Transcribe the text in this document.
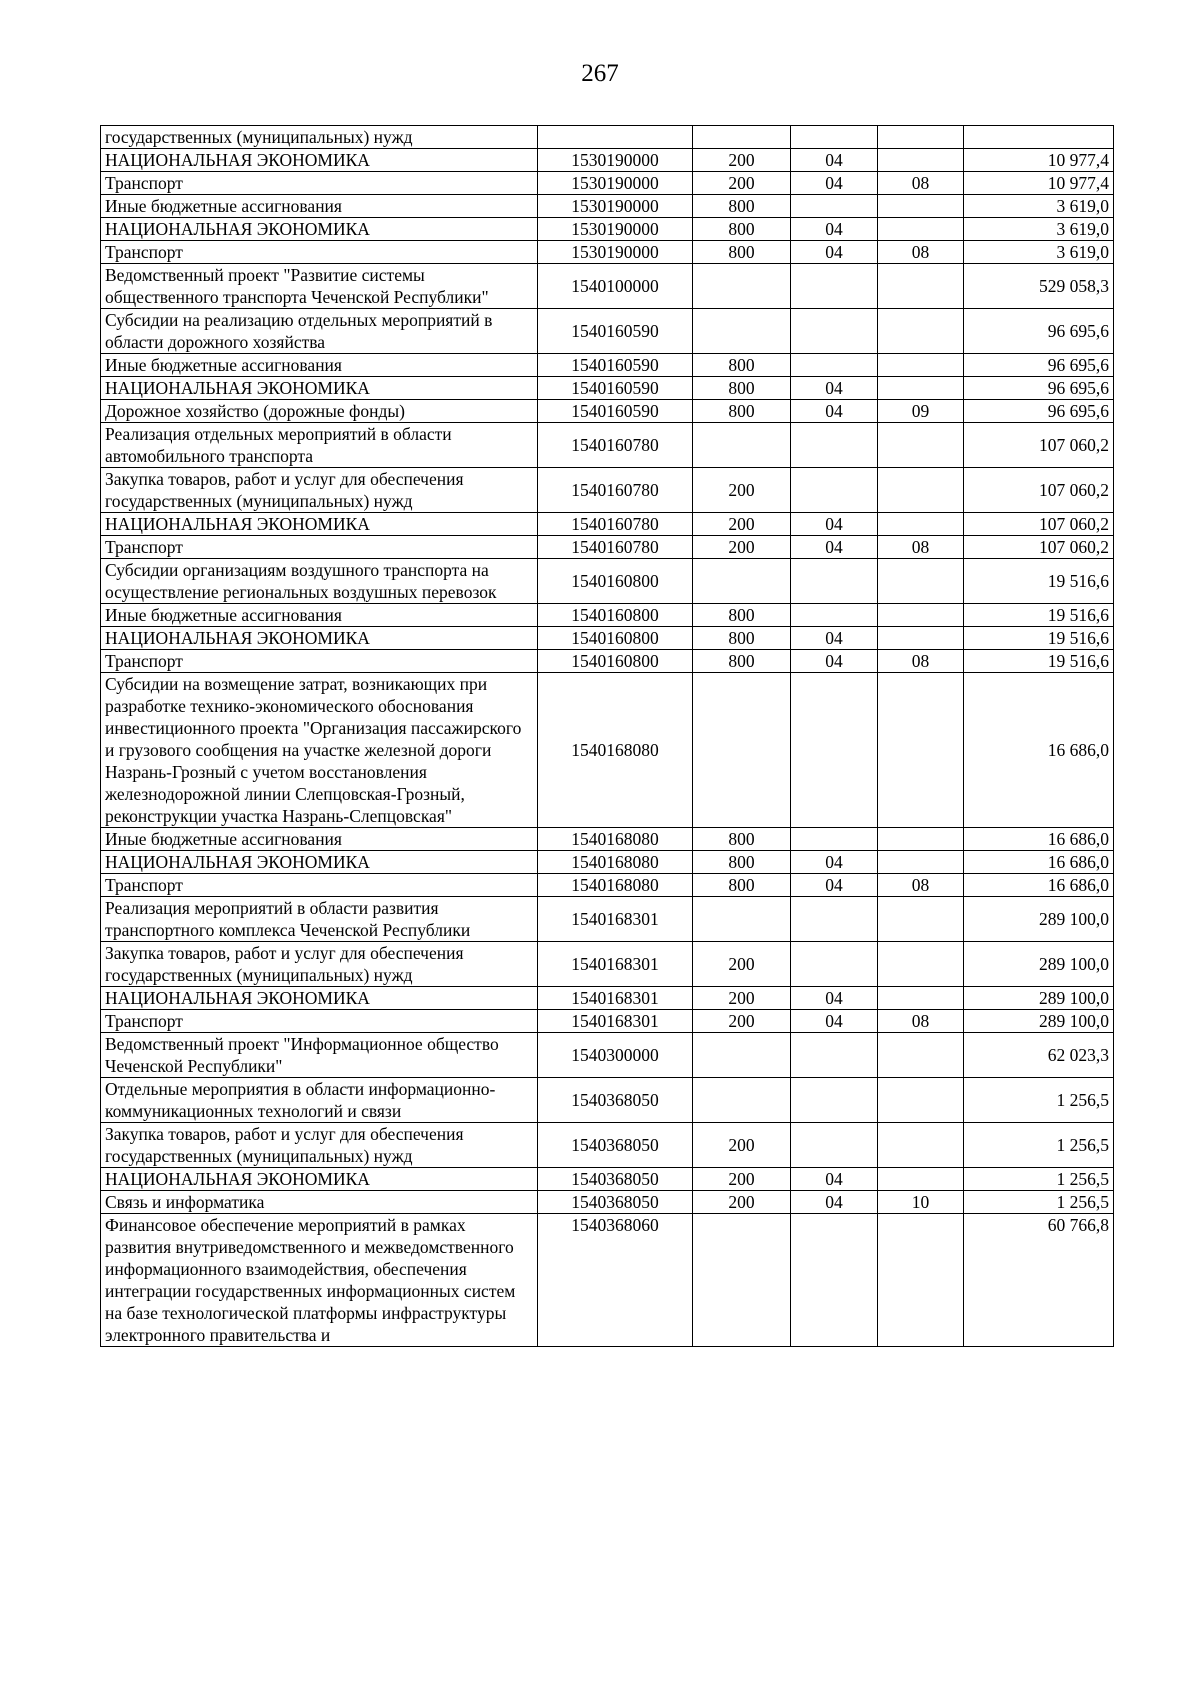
267
государственных (муниципальных) нужд					
НАЦИОНАЛЬНАЯ ЭКОНОМИКА	1530190000	200	04		10 977,4
Транспорт	1530190000	200	04	08	10 977,4
Иные бюджетные ассигнования	1530190000	800			3 619,0
НАЦИОНАЛЬНАЯ ЭКОНОМИКА	1530190000	800	04		3 619,0
Транспорт	1530190000	800	04	08	3 619,0
Ведомственный проект "Развитие системы общественного транспорта Чеченской Республики"	1540100000				529 058,3
Субсидии на реализацию отдельных мероприятий в области дорожного хозяйства	1540160590				96 695,6
Иные бюджетные ассигнования	1540160590	800			96 695,6
НАЦИОНАЛЬНАЯ ЭКОНОМИКА	1540160590	800	04		96 695,6
Дорожное хозяйство (дорожные фонды)	1540160590	800	04	09	96 695,6
Реализация отдельных мероприятий в области автомобильного транспорта	1540160780				107 060,2
Закупка товаров, работ и услуг для обеспечения государственных (муниципальных) нужд	1540160780	200			107 060,2
НАЦИОНАЛЬНАЯ ЭКОНОМИКА	1540160780	200	04		107 060,2
Транспорт	1540160780	200	04	08	107 060,2
Субсидии организациям воздушного транспорта на осуществление региональных воздушных перевозок	1540160800				19 516,6
Иные бюджетные ассигнования	1540160800	800			19 516,6
НАЦИОНАЛЬНАЯ ЭКОНОМИКА	1540160800	800	04		19 516,6
Транспорт	1540160800	800	04	08	19 516,6
Субсидии на возмещение затрат, возникающих при разработке технико-экономического обоснования инвестиционного проекта "Организация пассажирского и грузового сообщения на участке железной дороги Назрань-Грозный с учетом восстановления железнодорожной линии Слепцовская-Грозный, реконструкции участка Назрань-Слепцовская"	1540168080				16 686,0
Иные бюджетные ассигнования	1540168080	800			16 686,0
НАЦИОНАЛЬНАЯ ЭКОНОМИКА	1540168080	800	04		16 686,0
Транспорт	1540168080	800	04	08	16 686,0
Реализация мероприятий в области развития транспортного комплекса Чеченской Республики	1540168301				289 100,0
Закупка товаров, работ и услуг для обеспечения государственных (муниципальных) нужд	1540168301	200			289 100,0
НАЦИОНАЛЬНАЯ ЭКОНОМИКА	1540168301	200	04		289 100,0
Транспорт	1540168301	200	04	08	289 100,0
Ведомственный проект "Информационное общество Чеченской Республики"	1540300000				62 023,3
Отдельные мероприятия в области информационно-коммуникационных технологий и связи	1540368050				1 256,5
Закупка товаров, работ и услуг для обеспечения государственных (муниципальных) нужд	1540368050	200			1 256,5
НАЦИОНАЛЬНАЯ ЭКОНОМИКА	1540368050	200	04		1 256,5
Связь и информатика	1540368050	200	04	10	1 256,5
Финансовое обеспечение мероприятий в рамках развития внутриведомственного и межведомственного информационного взаимодействия, обеспечения интеграции государственных информационных систем на базе технологической платформы инфраструктуры электронного правительства и	1540368060				60 766,8
